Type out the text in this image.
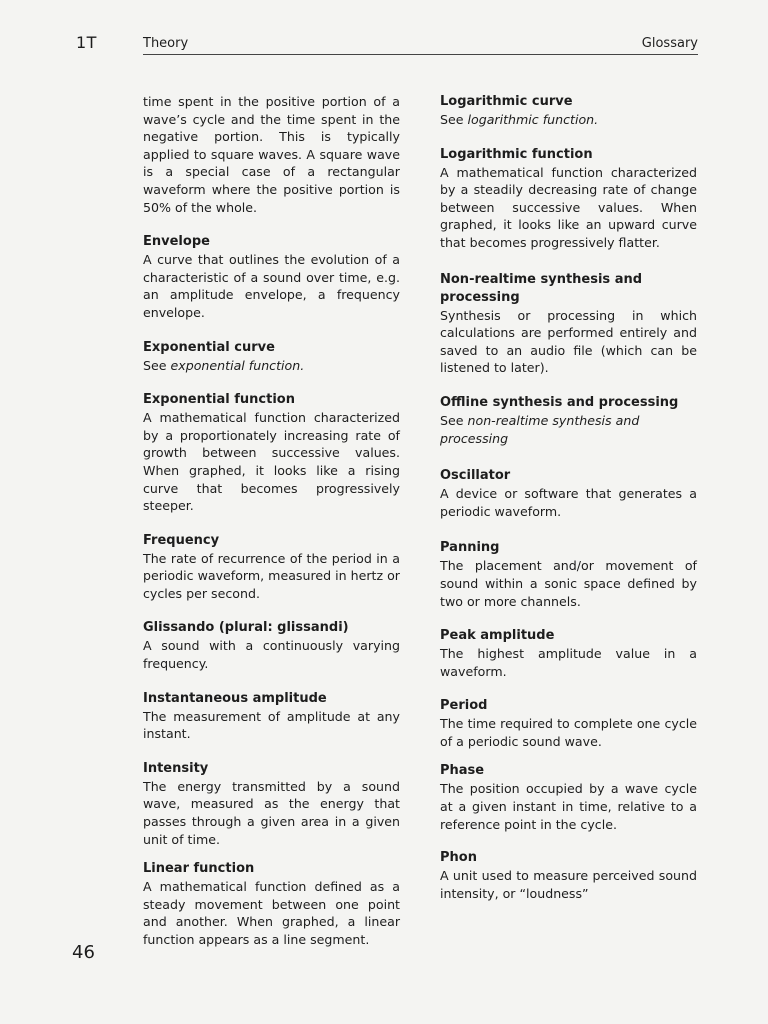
1T	Theory	Glossary

time spent in the positive portion of a wave’s cycle and the time spent in the negative portion. This is typically applied to square waves. A square wave is a special case of a rectangular waveform where the positive portion is 50% of the whole.

Envelope

A curve that outlines the evolution of a characteristic of a sound over time, e.g. an amplitude envelope, a frequency envelope.

Exponential curve

See exponential function.

Exponential function

A mathematical function characterized by a proportionately increasing rate of growth between successive values. When graphed, it looks like a rising curve that becomes progressively steeper.

Frequency

The rate of recurrence of the period in a periodic waveform, measured in hertz or cycles per second.

Glissando (plural: glissandi)

A sound with a continuously varying frequency.

Instantaneous amplitude

The measurement of amplitude at any instant.

Intensity

The energy transmitted by a sound wave, measured as the energy that passes through a given area in a given unit of time.

Linear function

A mathematical function defined as a steady movement between one point and another. When graphed, a linear function appears as a line segment.

Logarithmic curve

See logarithmic function.

Logarithmic function

A mathematical function characterized by a steadily decreasing rate of change between successive values. When graphed, it looks like an upward curve that becomes progressively flatter.

Non-realtime synthesis and processing

Synthesis or processing in which calculations are performed entirely and saved to an audio file (which can be listened to later).

Offline synthesis and processing

See non-realtime synthesis and processing

Oscillator

A device or software that generates a periodic waveform.

Panning

The placement and/or movement of sound within a sonic space defined by two or more channels.

Peak amplitude

The highest amplitude value in a waveform.

Period

The time required to complete one cycle of a periodic sound wave.

Phase

The position occupied by a wave cycle at a given instant in time, relative to a reference point in the cycle.

Phon

A unit used to measure perceived sound intensity, or “loudness”

46
